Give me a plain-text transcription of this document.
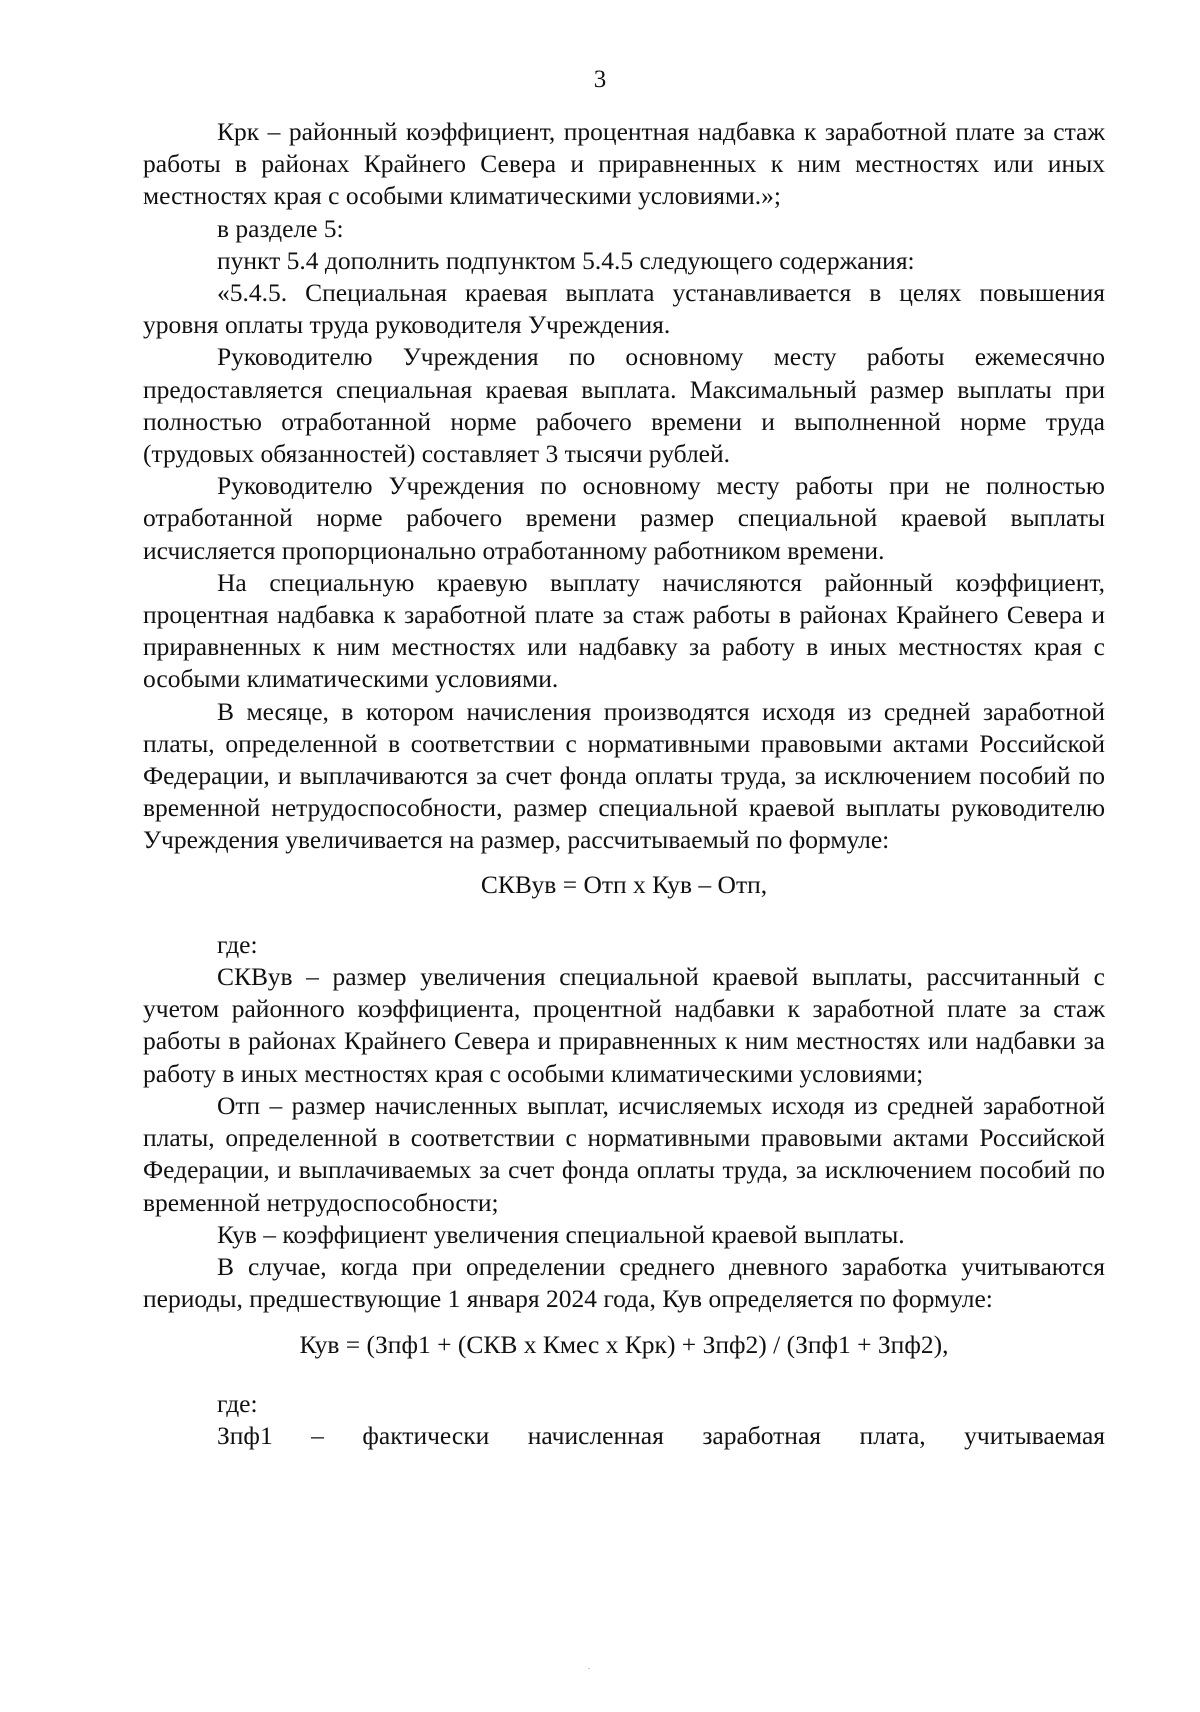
3

Крк – районный коэффициент, процентная надбавка к заработной плате за стаж работы в районах Крайнего Севера и приравненных к ним местностях или иных местностях края с особыми климатическими условиями.»;

в разделе 5:

пункт 5.4 дополнить подпунктом 5.4.5 следующего содержания:

«5.4.5. Специальная краевая выплата устанавливается в целях повышения уровня оплаты труда руководителя Учреждения.

Руководителю Учреждения по основному месту работы ежемесячно предоставляется специальная краевая выплата. Максимальный размер выплаты при полностью отработанной норме рабочего времени и выполненной норме труда (трудовых обязанностей) составляет 3 тысячи рублей.

Руководителю Учреждения по основному месту работы при не полностью отработанной норме рабочего времени размер специальной краевой выплаты исчисляется пропорционально отработанному работником времени.

На специальную краевую выплату начисляются районный коэффициент, процентная надбавка к заработной плате за стаж работы в районах Крайнего Севера и приравненных к ним местностях или надбавку за работу в иных местностях края с особыми климатическими условиями.

В месяце, в котором начисления производятся исходя из средней заработной платы, определенной в соответствии с нормативными правовыми актами Российской Федерации, и выплачиваются за счет фонда оплаты труда, за исключением пособий по временной нетрудоспособности, размер специальной краевой выплаты руководителю Учреждения увеличивается на размер, рассчитываемый по формуле:

СКВув = Отп х Кув – Отп,

где:

СКВув – размер увеличения специальной краевой выплаты, рассчитанный с учетом районного коэффициента, процентной надбавки к заработной плате за стаж работы в районах Крайнего Севера и приравненных к ним местностях или надбавки за работу в иных местностях края с особыми климатическими условиями;

Отп – размер начисленных выплат, исчисляемых исходя из средней заработной платы, определенной в соответствии с нормативными правовыми актами Российской Федерации, и выплачиваемых за счет фонда оплаты труда, за исключением пособий по временной нетрудоспособности;

Кув – коэффициент увеличения специальной краевой выплаты.

В случае, когда при определении среднего дневного заработка учитываются периоды, предшествующие 1 января 2024 года, Кув определяется по формуле:

Кув = (Зпф1 + (СКВ х Кмес х Крк) + Зпф2) / (Зпф1 + Зпф2),

где:

Зпф1 – фактически начисленная заработная плата, учитываемая
